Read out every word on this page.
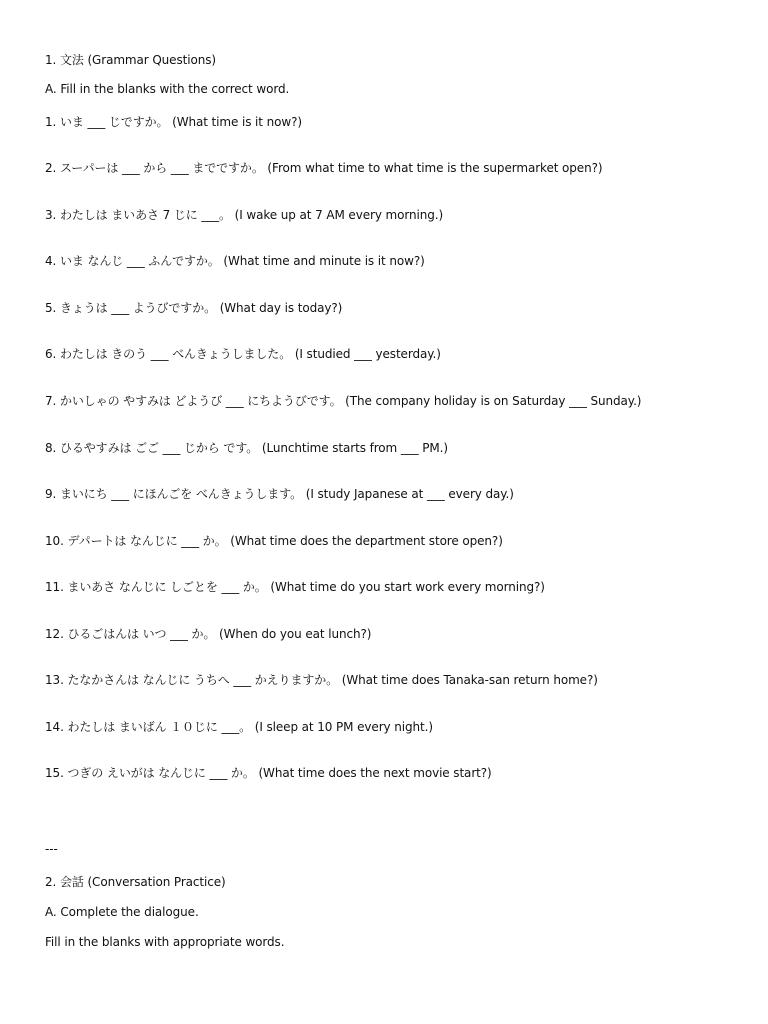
1. 文法 (Grammar Questions)
A. Fill in the blanks with the correct word.
1. いま ___ じですか。 (What time is it now?)
2. スーパーは ___ から ___ までですか。 (From what time to what time is the supermarket open?)
3. わたしは まいあさ 7 じに ___。 (I wake up at 7 AM every morning.)
4. いま なんじ ___ ふんですか。 (What time and minute is it now?)
5. きょうは ___ ようびですか。 (What day is today?)
6. わたしは きのう ___ べんきょうしました。 (I studied ___ yesterday.)
7. かいしゃの やすみは どようび ___ にちようびです。 (The company holiday is on Saturday ___ Sunday.)
8. ひるやすみは ごご ___ じから です。 (Lunchtime starts from ___ PM.)
9. まいにち ___ にほんごを べんきょうします。 (I study Japanese at ___ every day.)
10. デパートは なんじに ___ か。 (What time does the department store open?)
11. まいあさ なんじに しごとを ___ か。 (What time do you start work every morning?)
12. ひるごはんは いつ ___ か。 (When do you eat lunch?)
13. たなかさんは なんじに うちへ ___ かえりますか。 (What time does Tanaka-san return home?)
14. わたしは まいばん １０じに ___。 (I sleep at 10 PM every night.)
15. つぎの えいがは なんじに ___ か。 (What time does the next movie start?)
---
2. 会話 (Conversation Practice)
A. Complete the dialogue.
Fill in the blanks with appropriate words.
